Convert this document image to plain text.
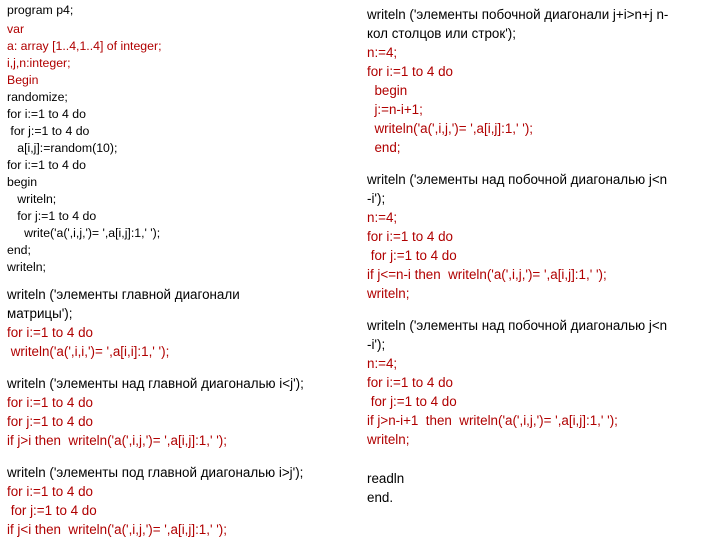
program p4;
var
a: array [1..4,1..4] of integer;
i,j,n:integer;
Begin
randomize;
for i:=1 to 4 do
for j:=1 to 4 do
a[i,j]:=random(10);
for i:=1 to 4 do
begin
writeln;
for j:=1 to 4 do
write('a(',i,j,')= ',a[i,j]:1,' ');
end;
writeln;
writeln ('элементы главной диагонали
матрицы');
for i:=1 to 4 do
writeln('a(',i,i,')= ',a[i,i]:1,' ');
writeln ('элементы над главной диагональю i<j');
for i:=1 to 4 do
for j:=1 to 4 do
if j>i then  writeln('a(',i,j,')= ',a[i,j]:1,' ');
writeln ('элементы под главной диагональю i>j');
for i:=1 to 4 do
for j:=1 to 4 do
if j<i then  writeln('a(',i,j,')= ',a[i,j]:1,' ');
writeln ('элементы побочной диагонали j+i>n+j n-
кол столцов или строк');
n:=4;
for i:=1 to 4 do
begin
j:=n-i+1;
writeln('a(',i,j,')= ',a[i,j]:1,' ');
end;
writeln ('элементы над побочной диагональю j<n
-i');
n:=4;
for i:=1 to 4 do
for j:=1 to 4 do
if j<=n-i then  writeln('a(',i,j,')= ',a[i,j]:1,' ');
writeln;
writeln ('элементы над побочной диагональю j<n
-i');
n:=4;
for i:=1 to 4 do
for j:=1 to 4 do
if j>n-i+1  then  writeln('a(',i,j,')= ',a[i,j]:1,' ');
writeln;
readln
end.
